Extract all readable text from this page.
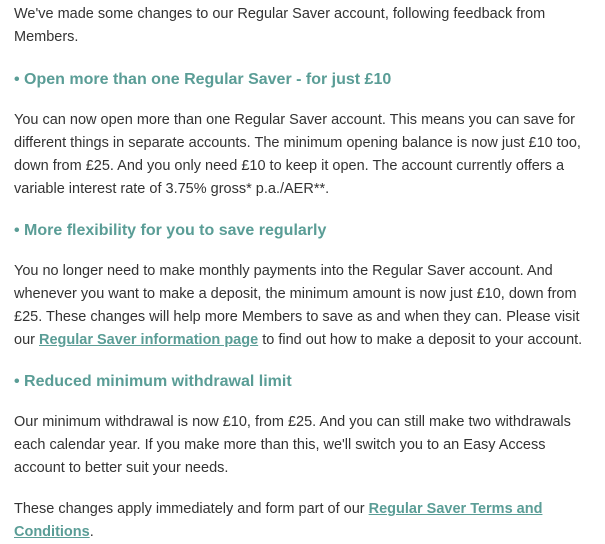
We've made some changes to our Regular Saver account, following feedback from Members.

• Open more than one Regular Saver - for just £10

You can now open more than one Regular Saver account. This means you can save for different things in separate accounts. The minimum opening balance is now just £10 too, down from £25. And you only need £10 to keep it open. The account currently offers a variable interest rate of 3.75% gross* p.a./AER**.

• More flexibility for you to save regularly

You no longer need to make monthly payments into the Regular Saver account. And whenever you want to make a deposit, the minimum amount is now just £10, down from £25. These changes will help more Members to save as and when they can. Please visit our Regular Saver information page to find out how to make a deposit to your account.

• Reduced minimum withdrawal limit

Our minimum withdrawal is now £10, from £25. And you can still make two withdrawals each calendar year. If you make more than this, we'll switch you to an Easy Access account to better suit your needs.

These changes apply immediately and form part of our Regular Saver Terms and Conditions.
